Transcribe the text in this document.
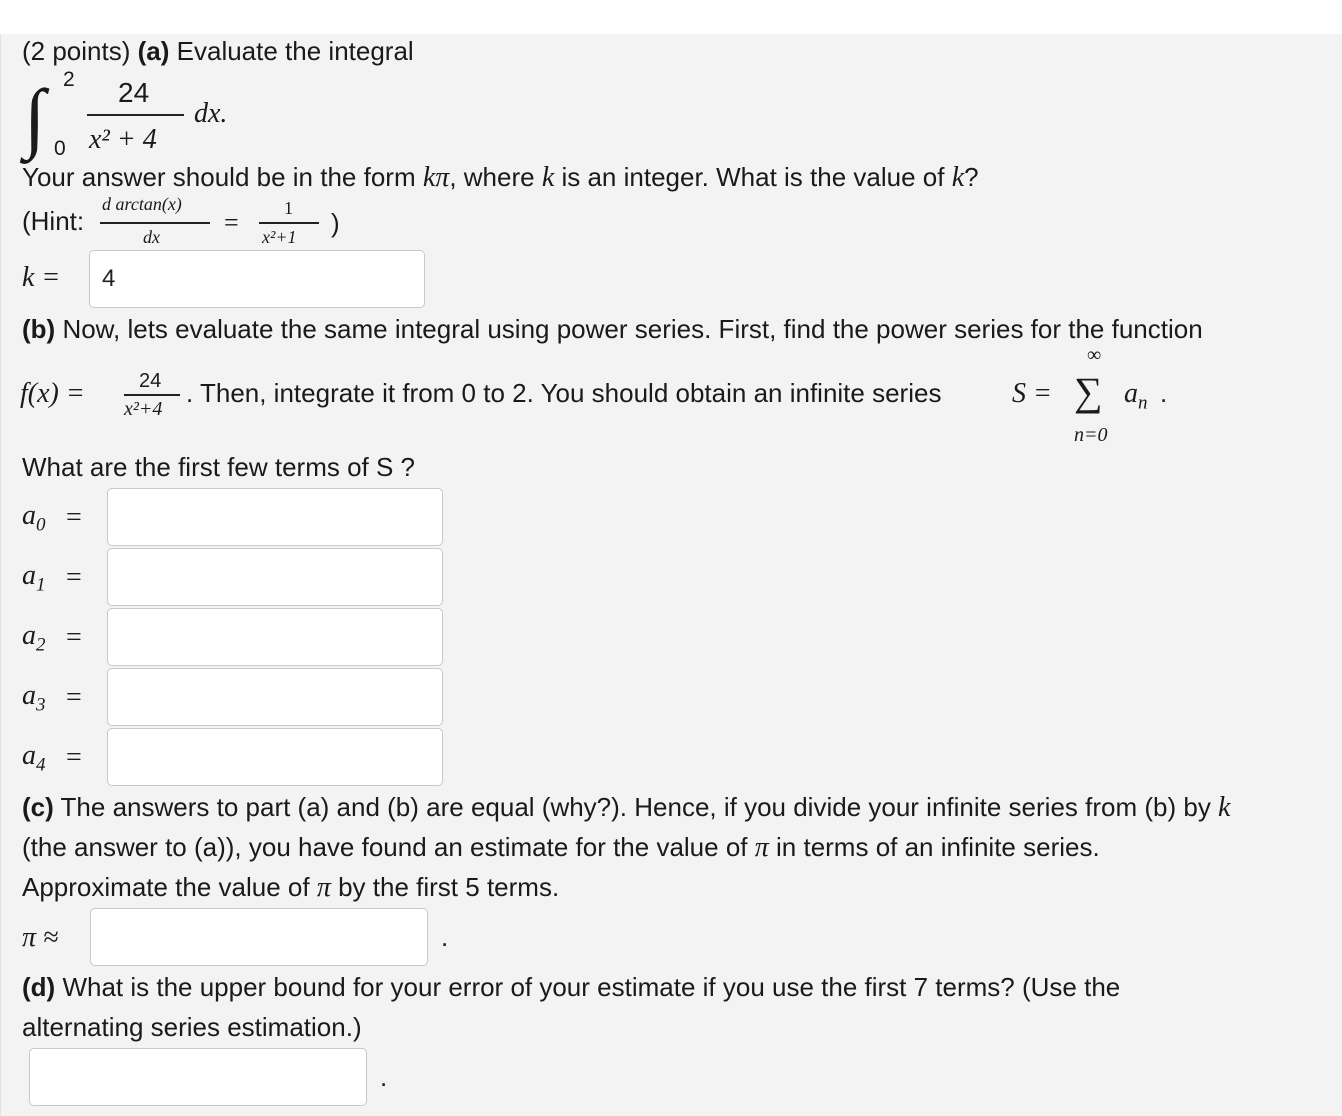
(2 points) (a) Evaluate the integral
∫ 2
0
24
x² + 4
dx.
Your answer should be in the form kπ, where k is an integer. What is the value of k?
(Hint:
d arctan(x)
dx =	1
x²+1 )
k =
4
(b) Now, lets evaluate the same integral using power series. First, find the power series for the function
f(x) =	24
x²+4
. Then, integrate it from 0 to 2. You should obtain an infinite series	S =
∞
∑
n=0
$a_n$ .
What are the first few terms of S ?
$a_0$ =
$a_1$ =
$a_2$ =
$a_3$ =
$a_4$ =
(c) The answers to part (a) and (b) are equal (why?). Hence, if you divide your infinite series from (b) by k
(the answer to (a)), you have found an estimate for the value of π in terms of an infinite series.
Approximate the value of π by the first 5 terms.
π ≈	.
(d) What is the upper bound for your error of your estimate if you use the first 7 terms? (Use the
alternating series estimation.)
.
